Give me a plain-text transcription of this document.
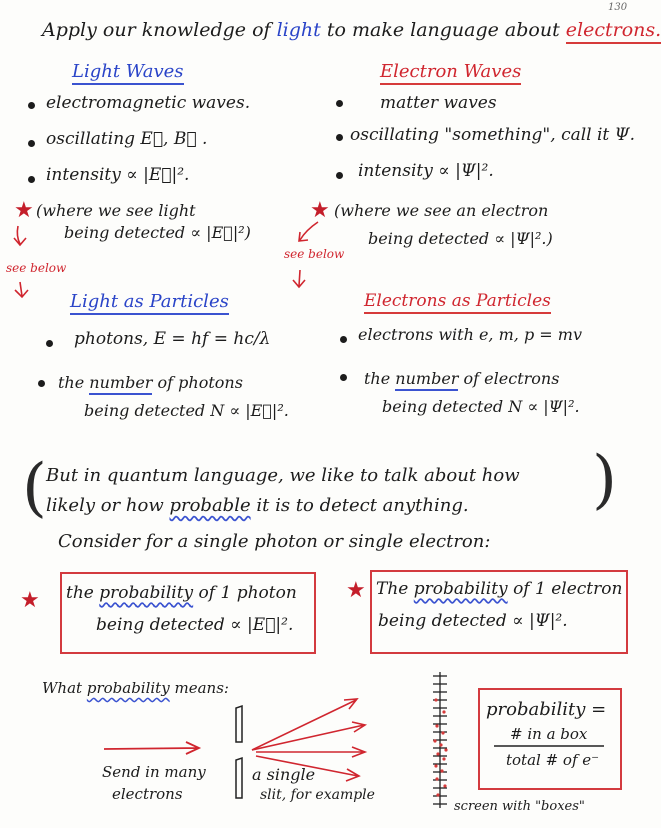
130
Apply our knowledge of light to make language about electrons.
Light Waves
electromagnetic waves.
oscillating E⃗, B⃗ .
intensity ∝ |E⃗|².
★ (where we see light
being detected ∝ |E⃗|²)
see below
Electron Waves
matter waves
oscillating "something", call it Ψ.
intensity ∝ |Ψ|².
★ (where we see an electron
being detected ∝ |Ψ|².)
see below
Light as Particles
photons, E = hf = hc/λ
the number of photons
being detected N ∝ |E⃗|².
Electrons as Particles
electrons with e, m, p = mv
the number of electrons
being detected N ∝ |Ψ|².
(	)
But in quantum language, we like to talk about how
likely or how probable it is to detect anything.
Consider for a single photon or single electron:
★ the probability of 1 photon
being detected ∝ |E⃗|².
★ The probability of 1 electron
being detected ∝ |Ψ|².
What probability means:
Send in many
electrons
a single
slit, for example
screen with "boxes"
probability =
# in a box
total # of e⁻
